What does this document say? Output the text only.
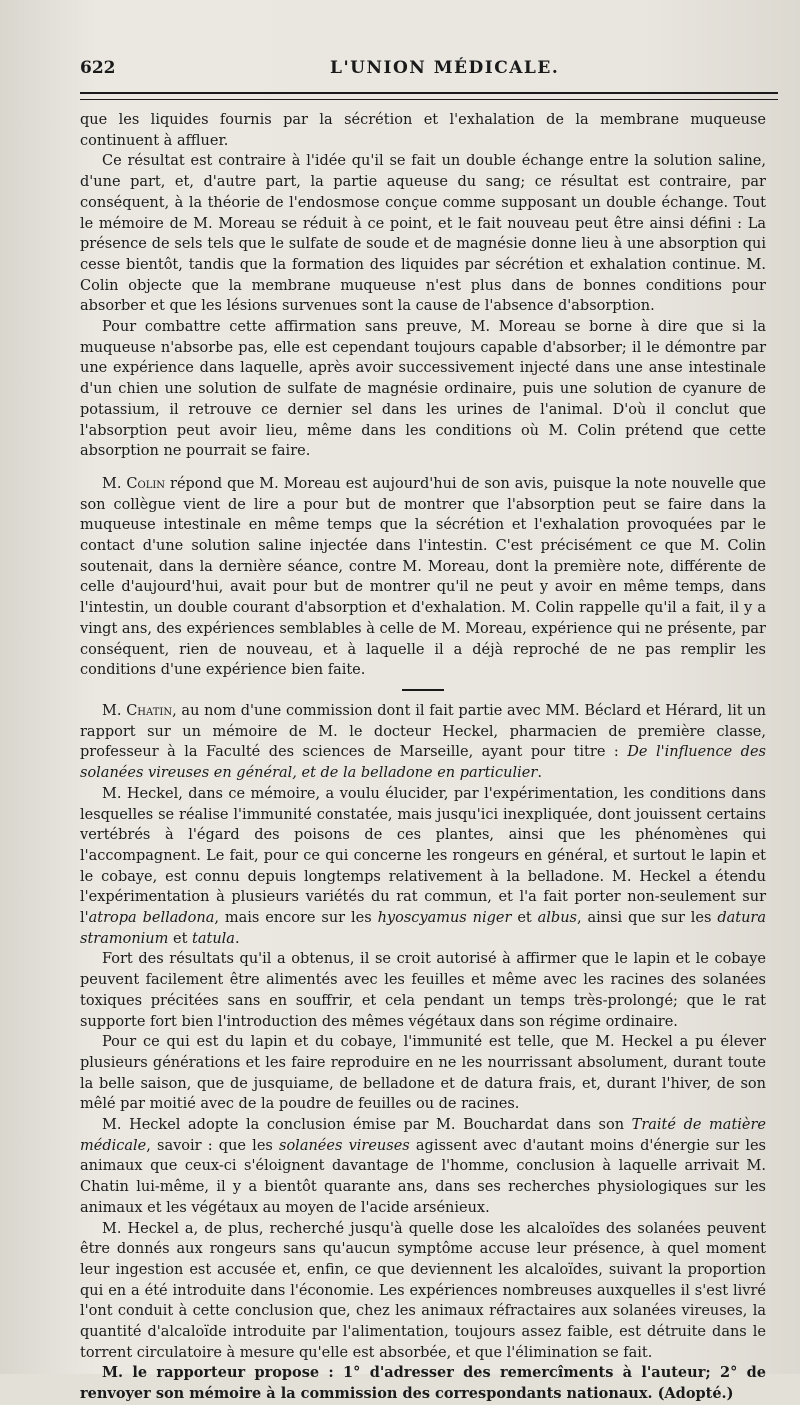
622	L'UNION MÉDICALE.

que les liquides fournis par la sécrétion et l'exhalation de la membrane muqueuse continuent à affluer.

Ce résultat est contraire à l'idée qu'il se fait un double échange entre la solution saline, d'une part, et, d'autre part, la partie aqueuse du sang; ce résultat est contraire, par conséquent, à la théorie de l'endosmose conçue comme supposant un double échange. Tout le mémoire de M. Moreau se réduit à ce point, et le fait nouveau peut être ainsi défini : La présence de sels tels que le sulfate de soude et de magnésie donne lieu à une absorption qui cesse bientôt, tandis que la formation des liquides par sécrétion et exhalation continue. M. Colin objecte que la membrane muqueuse n'est plus dans de bonnes conditions pour absorber et que les lésions survenues sont la cause de l'absence d'absorption.

Pour combattre cette affirmation sans preuve, M. Moreau se borne à dire que si la muqueuse n'absorbe pas, elle est cependant toujours capable d'absorber; il le démontre par une expérience dans laquelle, après avoir successivement injecté dans une anse intestinale d'un chien une solution de sulfate de magnésie ordinaire, puis une solution de cyanure de potassium, il retrouve ce dernier sel dans les urines de l'animal. D'où il conclut que l'absorption peut avoir lieu, même dans les conditions où M. Colin prétend que cette absorption ne pourrait se faire.

M. Colin répond que M. Moreau est aujourd'hui de son avis, puisque la note nouvelle que son collègue vient de lire a pour but de montrer que l'absorption peut se faire dans la muqueuse intestinale en même temps que la sécrétion et l'exhalation provoquées par le contact d'une solution saline injectée dans l'intestin. C'est précisément ce que M. Colin soutenait, dans la dernière séance, contre M. Moreau, dont la première note, différente de celle d'aujourd'hui, avait pour but de montrer qu'il ne peut y avoir en même temps, dans l'intestin, un double courant d'absorption et d'exhalation. M. Colin rappelle qu'il a fait, il y a vingt ans, des expériences semblables à celle de M. Moreau, expérience qui ne présente, par conséquent, rien de nouveau, et à laquelle il a déjà reproché de ne pas remplir les conditions d'une expérience bien faite.

M. Chatin, au nom d'une commission dont il fait partie avec MM. Béclard et Hérard, lit un rapport sur un mémoire de M. le docteur Heckel, pharmacien de première classe, professeur à la Faculté des sciences de Marseille, ayant pour titre : De l'influence des solanées vireuses en général, et de la belladone en particulier.

M. Heckel, dans ce mémoire, a voulu élucider, par l'expérimentation, les conditions dans lesquelles se réalise l'immunité constatée, mais jusqu'ici inexpliquée, dont jouissent certains vertébrés à l'égard des poisons de ces plantes, ainsi que les phénomènes qui l'accompagnent. Le fait, pour ce qui concerne les rongeurs en général, et surtout le lapin et le cobaye, est connu depuis longtemps relativement à la belladone. M. Heckel a étendu l'expérimentation à plusieurs variétés du rat commun, et l'a fait porter non-seulement sur l'atropa belladona, mais encore sur les hyoscyamus niger et albus, ainsi que sur les datura stramonium et tatula.

Fort des résultats qu'il a obtenus, il se croit autorisé à affirmer que le lapin et le cobaye peuvent facilement être alimentés avec les feuilles et même avec les racines des solanées toxiques précitées sans en souffrir, et cela pendant un temps très-prolongé; que le rat supporte fort bien l'introduction des mêmes végétaux dans son régime ordinaire.

Pour ce qui est du lapin et du cobaye, l'immunité est telle, que M. Heckel a pu élever plusieurs générations et les faire reproduire en ne les nourrissant absolument, durant toute la belle saison, que de jusquiame, de belladone et de datura frais, et, durant l'hiver, de son mêlé par moitié avec de la poudre de feuilles ou de racines.

M. Heckel adopte la conclusion émise par M. Bouchardat dans son Traité de matière médicale, savoir : que les solanées vireuses agissent avec d'autant moins d'énergie sur les animaux que ceux-ci s'éloignent davantage de l'homme, conclusion à laquelle arrivait M. Chatin lui-même, il y a bientôt quarante ans, dans ses recherches physiologiques sur les animaux et les végétaux au moyen de l'acide arsénieux.

M. Heckel a, de plus, recherché jusqu'à quelle dose les alcaloïdes des solanées peuvent être donnés aux rongeurs sans qu'aucun symptôme accuse leur présence, à quel moment leur ingestion est accusée et, enfin, ce que deviennent les alcaloïdes, suivant la proportion qui en a été introduite dans l'économie. Les expériences nombreuses auxquelles il s'est livré l'ont conduit à cette conclusion que, chez les animaux réfractaires aux solanées vireuses, la quantité d'alcaloïde introduite par l'alimentation, toujours assez faible, est détruite dans le torrent circulatoire à mesure qu'elle est absorbée, et que l'élimination se fait.

M. le rapporteur propose : 1° d'adresser des remercîments à l'auteur; 2° de renvoyer son mémoire à la commission des correspondants nationaux. (Adopté.)
